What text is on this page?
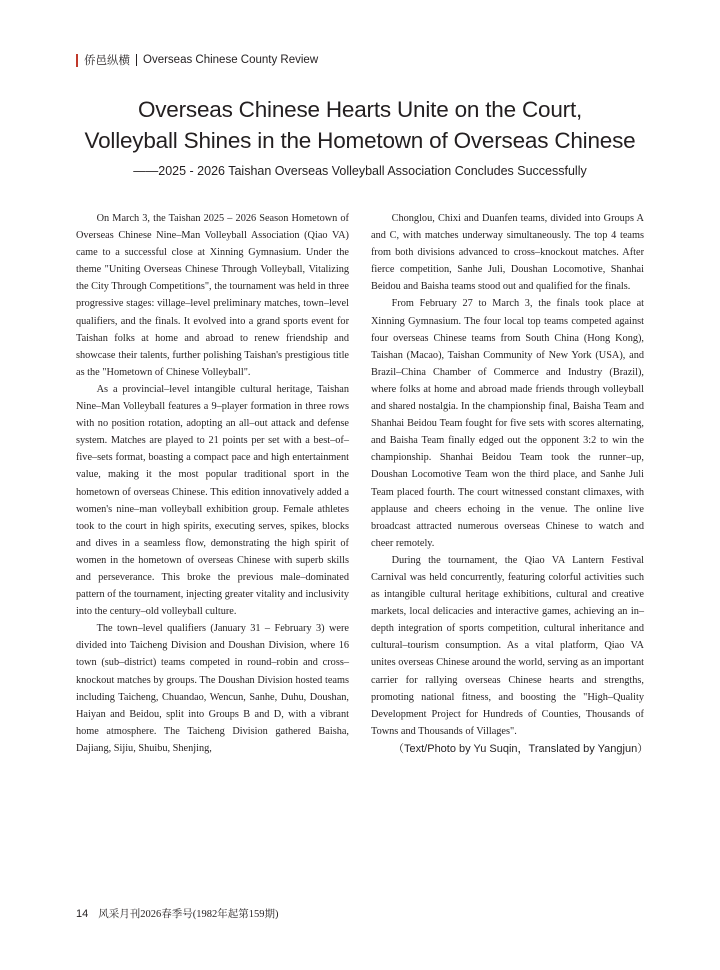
侨邑纵横 Overseas Chinese County Review
Overseas Chinese Hearts Unite on the Court,
Volleyball Shines in the Hometown of Overseas Chinese
——2025 - 2026 Taishan Overseas Volleyball Association Concludes Successfully

On March 3, the Taishan 2025 – 2026 Season Hometown of Overseas Chinese Nine–Man Volleyball Association (Qiao VA) came to a successful close at Xinning Gymnasium. Under the theme "Uniting Overseas Chinese Through Volleyball, Vitalizing the City Through Competitions", the tournament was held in three progressive stages: village–level preliminary matches, town–level qualifiers, and the finals. It evolved into a grand sports event for Taishan folks at home and abroad to renew friendship and showcase their talents, further polishing Taishan's prestigious title as the "Hometown of Chinese Volleyball".

As a provincial–level intangible cultural heritage, Taishan Nine–Man Volleyball features a 9–player formation in three rows with no position rotation, adopting an all–out attack and defense system. Matches are played to 21 points per set with a best–of–five–sets format, boasting a compact pace and high entertainment value, making it the most popular traditional sport in the hometown of overseas Chinese. This edition innovatively added a women's nine–man volleyball exhibition group. Female athletes took to the court in high spirits, executing serves, spikes, blocks and dives in a seamless flow, demonstrating the high spirit of women in the hometown of overseas Chinese with superb skills and perseverance. This broke the previous male–dominated pattern of the tournament, injecting greater vitality and inclusivity into the century–old volleyball culture.

The town–level qualifiers (January 31 – February 3) were divided into Taicheng Division and Doushan Division, where 16 town (sub–district) teams competed in round–robin and cross–knockout matches by groups. The Doushan Division hosted teams including Taicheng, Chuandao, Wencun, Sanhe, Duhu, Doushan, Haiyan and Beidou, split into Groups B and D, with a vibrant home atmosphere. The Taicheng Division gathered Baisha, Dajiang, Sijiu, Shuibu, Shenjing,

Chonglou, Chixi and Duanfen teams, divided into Groups A and C, with matches underway simultaneously. The top 4 teams from both divisions advanced to cross–knockout matches. After fierce competition, Sanhe Juli, Doushan Locomotive, Shanhai Beidou and Baisha teams stood out and qualified for the finals.

From February 27 to March 3, the finals took place at Xinning Gymnasium. The four local top teams competed against four overseas Chinese teams from South China (Hong Kong), Taishan (Macao), Taishan Community of New York (USA), and Brazil–China Chamber of Commerce and Industry (Brazil), where folks at home and abroad made friends through volleyball and shared nostalgia. In the championship final, Baisha Team and Shanhai Beidou Team fought for five sets with scores alternating, and Baisha Team finally edged out the opponent 3:2 to win the championship. Shanhai Beidou Team took the runner–up, Doushan Locomotive Team won the third place, and Sanhe Juli Team placed fourth. The court witnessed constant climaxes, with applause and cheers echoing in the venue. The online live broadcast attracted numerous overseas Chinese to watch and cheer remotely.

During the tournament, the Qiao VA Lantern Festival Carnival was held concurrently, featuring colorful activities such as intangible cultural heritage exhibitions, cultural and creative markets, local delicacies and interactive games, achieving an in–depth integration of sports competition, cultural inheritance and cultural–tourism consumption. As a vital platform, Qiao VA unites overseas Chinese around the world, serving as an important carrier for rallying overseas Chinese hearts and strengths, promoting national fitness, and boosting the "High–Quality Development Project for Hundreds of Counties, Thousands of Towns and Thousands of Villages".

（Text/Photo by Yu Suqin，Translated by Yangjun）

14 风采月刊2026春季号(1982年起第159期)
